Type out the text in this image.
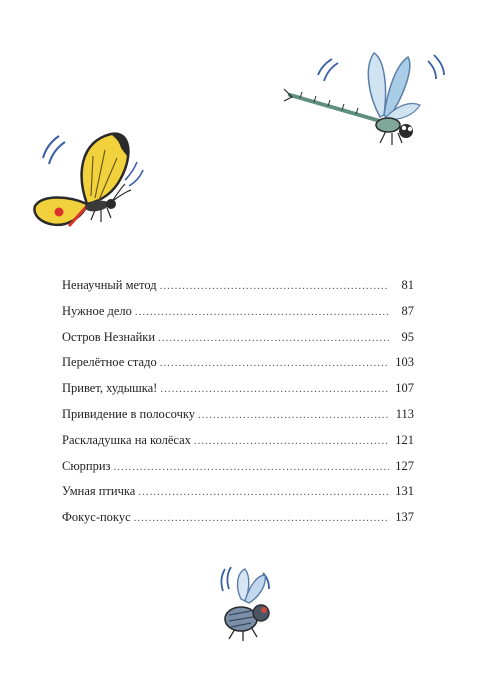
Ненаучный метод .....	81
Нужное дело .....	87
Остров Незнайки .....	95
Перелётное стадо .....	103
Привет, худышка! .....	107
Привидение в полосочку .....	113
Раскладушка на колёсах .....	121
Сюрприз .....	127
Умная птичка .....	131
Фокус-покус .....	137
